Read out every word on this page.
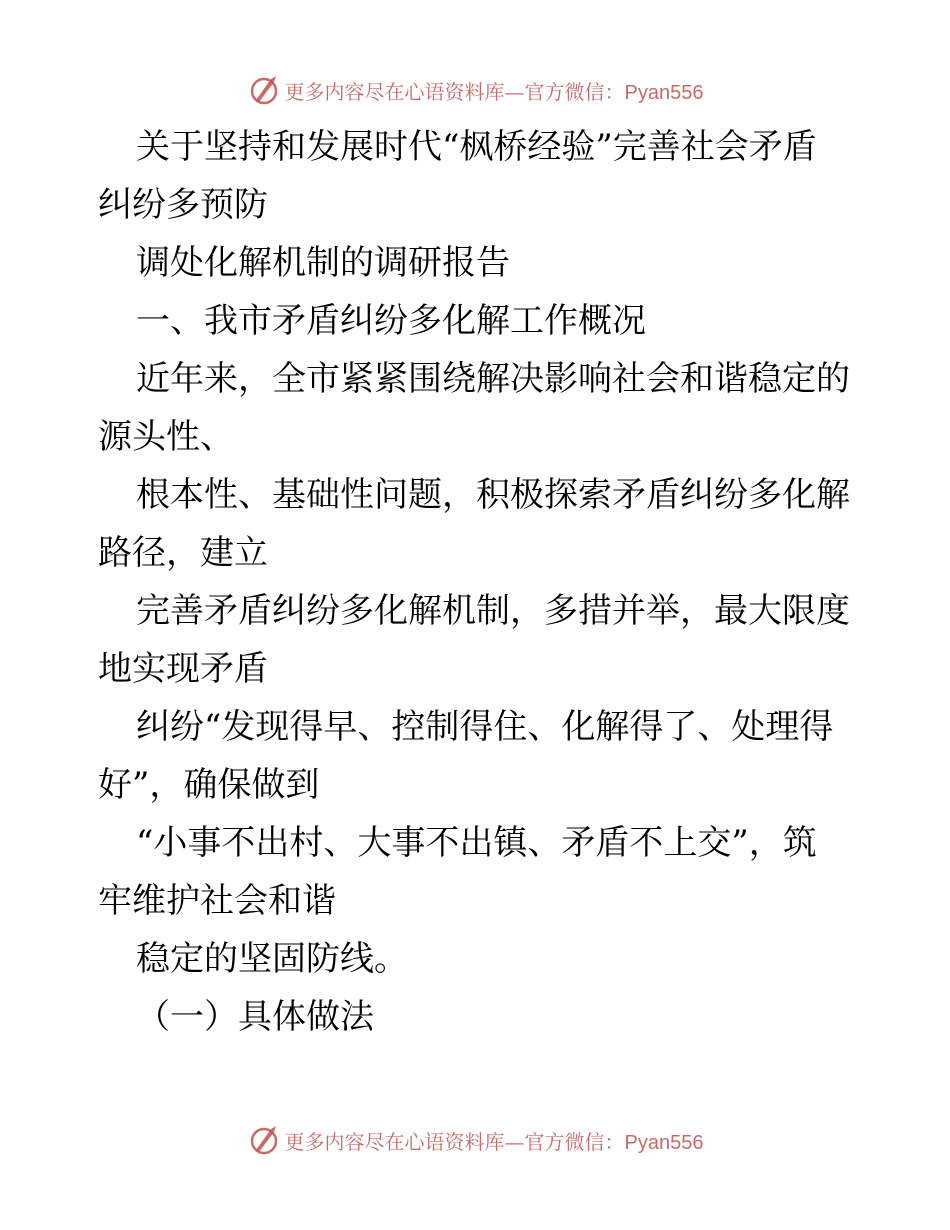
更多内容尽在心语资料库—官方微信：Pyan556

关于坚持和发展时代“枫桥经验”完善社会矛盾

纠纷多预防

调处化解机制的调研报告

一、我市矛盾纠纷多化解工作概况

近年来，全市紧紧围绕解决影响社会和谐稳定的

源头性、

根本性、基础性问题，积极探索矛盾纠纷多化解

路径，建立

完善矛盾纠纷多化解机制，多措并举，最大限度

地实现矛盾

纠纷“发现得早、控制得住、化解得了、处理得

好”，确保做到

“小事不出村、大事不出镇、矛盾不上交”，筑

牢维护社会和谐

稳定的坚固防线。

（一）具体做法

更多内容尽在心语资料库—官方微信：Pyan556
